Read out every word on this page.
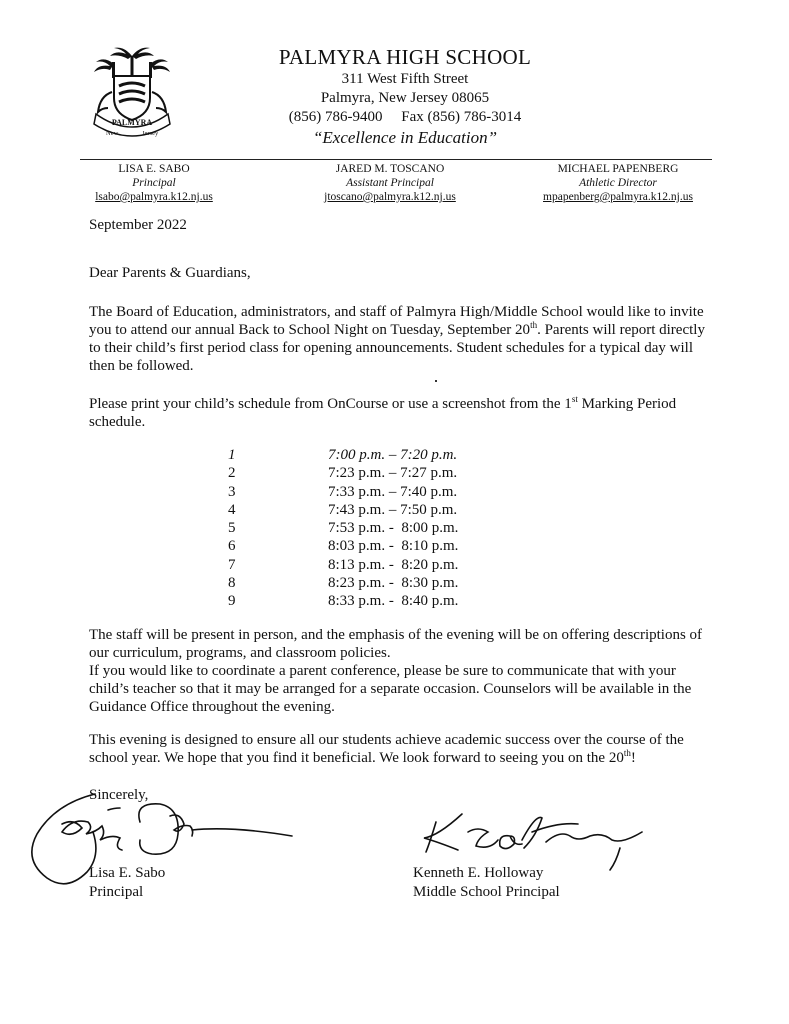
PALMYRA
New	Jersey
PALMYRA HIGH SCHOOL
311 West Fifth Street
Palmyra, New Jersey 08065
(856) 786-9400     Fax (856) 786-3014
“Excellence in Education”
LISA E. SABO
Principal
lsabo@palmyra.k12.nj.us
JARED M. TOSCANO
Assistant Principal
jtoscano@palmyra.k12.nj.us
MICHAEL PAPENBERG
Athletic Director
mpapenberg@palmyra.k12.nj.us
September 2022
Dear Parents & Guardians,
The Board of Education, administrators, and staff of Palmyra High/Middle School would like to invite you to attend our annual Back to School Night on Tuesday, September 20th. Parents will report directly to their child’s first period class for opening announcements. Student schedules for a typical day will then be followed.
Please print your child’s schedule from OnCourse or use a screenshot from the 1st Marking Period schedule.
1	7:00 p.m. – 7:20 p.m.
2	7:23 p.m. – 7:27 p.m.
3	7:33 p.m. – 7:40 p.m.
4	7:43 p.m. – 7:50 p.m.
5	7:53 p.m. -  8:00 p.m.
6	8:03 p.m. -  8:10 p.m.
7	8:13 p.m. -  8:20 p.m.
8	8:23 p.m. -  8:30 p.m.
9	8:33 p.m. -  8:40 p.m.
The staff will be present in person, and the emphasis of the evening will be on offering descriptions of our curriculum, programs, and classroom policies.
If you would like to coordinate a parent conference, please be sure to communicate that with your child’s teacher so that it may be arranged for a separate occasion. Counselors will be available in the Guidance Office throughout the evening.
This evening is designed to ensure all our students achieve academic success over the course of the school year. We hope that you find it beneficial. We look forward to seeing you on the 20th!
Sincerely,
Lisa E. Sabo
Principal
Kenneth E. Holloway
Middle School Principal
